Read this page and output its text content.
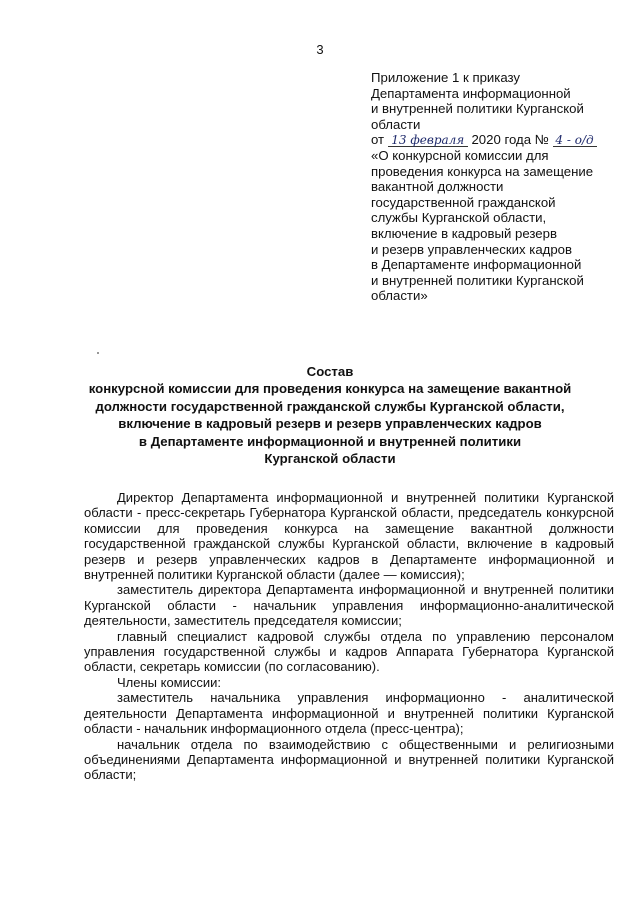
3
Приложение 1 к приказу
Департамента информационной
и внутренней политики Курганской
области
от 13 февраля 2020 года № 4 - о/д
«О конкурсной комиссии для
проведения конкурса на замещение
вакантной должности
государственной гражданской
службы Курганской области,
включение в кадровый резерв
и резерв управленческих кадров
в Департаменте информационной
и внутренней политики Курганской
области»
Состав
конкурсной комиссии для проведения конкурса на замещение вакантной
должности государственной гражданской службы Курганской области,
включение в кадровый резерв и резерв управленческих кадров
в Департаменте информационной и внутренней политики
Курганской области

Директор Департамента информационной и внутренней политики Курганской области - пресс-секретарь Губернатора Курганской области, председатель конкурсной комиссии для проведения конкурса на замещение вакантной должности государственной гражданской службы Курганской области, включение в кадровый резерв и резерв управленческих кадров в Департаменте информационной и внутренней политики Курганской области (далее — комиссия);

заместитель директора Департамента информационной и внутренней политики Курганской области - начальник управления информационно-аналитической деятельности, заместитель председателя комиссии;

главный специалист кадровой службы отдела по управлению персоналом управления государственной службы и кадров Аппарата Губернатора Курганской области, секретарь комиссии (по согласованию).

Члены комиссии:

заместитель начальника управления информационно - аналитической деятельности Департамента информационной и внутренней политики Курганской области - начальник информационного отдела (пресс-центра);

начальник отдела по взаимодействию с общественными и религиозными объединениями Департамента информационной и внутренней политики Курганской области;
